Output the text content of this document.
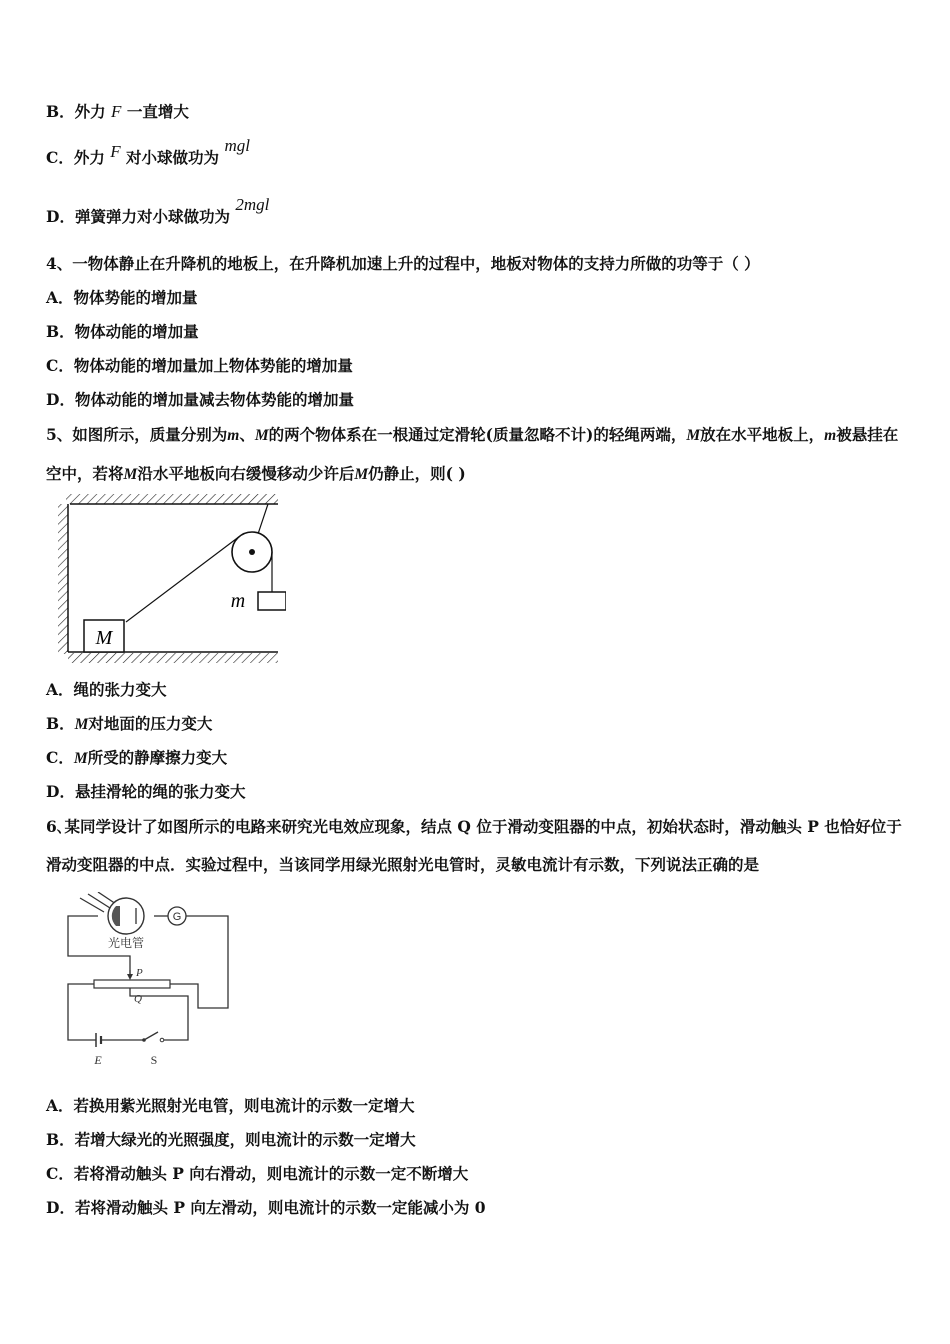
B．外力 F 一直增大
C．外力 F 对小球做功为 mgl
D．弹簧弹力对小球做功为 2mgl
4、一物体静止在升降机的地板上，在升降机加速上升的过程中，地板对物体的支持力所做的功等于（ ）
A．物体势能的增加量
B．物体动能的增加量
C．物体动能的增加量加上物体势能的增加量
D．物体动能的增加量减去物体势能的增加量
5、如图所示，质量分别为m、M的两个物体系在一根通过定滑轮(质量忽略不计)的轻绳两端，M放在水平地板上，m被悬挂在空中，若将M沿水平地板向右缓慢移动少许后M仍静止，则( )
M
m
A．绳的张力变大
B．M对地面的压力变大
C．M所受的静摩擦力变大
D．悬挂滑轮的绳的张力变大
6､某同学设计了如图所示的电路来研究光电效应现象，结点 Q 位于滑动变阻器的中点，初始状态时，滑动触头 P 也恰好位于滑动变阻器的中点．实验过程中，当该同学用绿光照射光电管时，灵敏电流计有示数，下列说法正确的是
光电管
G
P
Q
E	S
A．若换用紫光照射光电管，则电流计的示数一定增大
B．若增大绿光的光照强度，则电流计的示数一定增大
C．若将滑动触头 P 向右滑动，则电流计的示数一定不断增大
D．若将滑动触头 P 向左滑动，则电流计的示数一定能减小为 0
